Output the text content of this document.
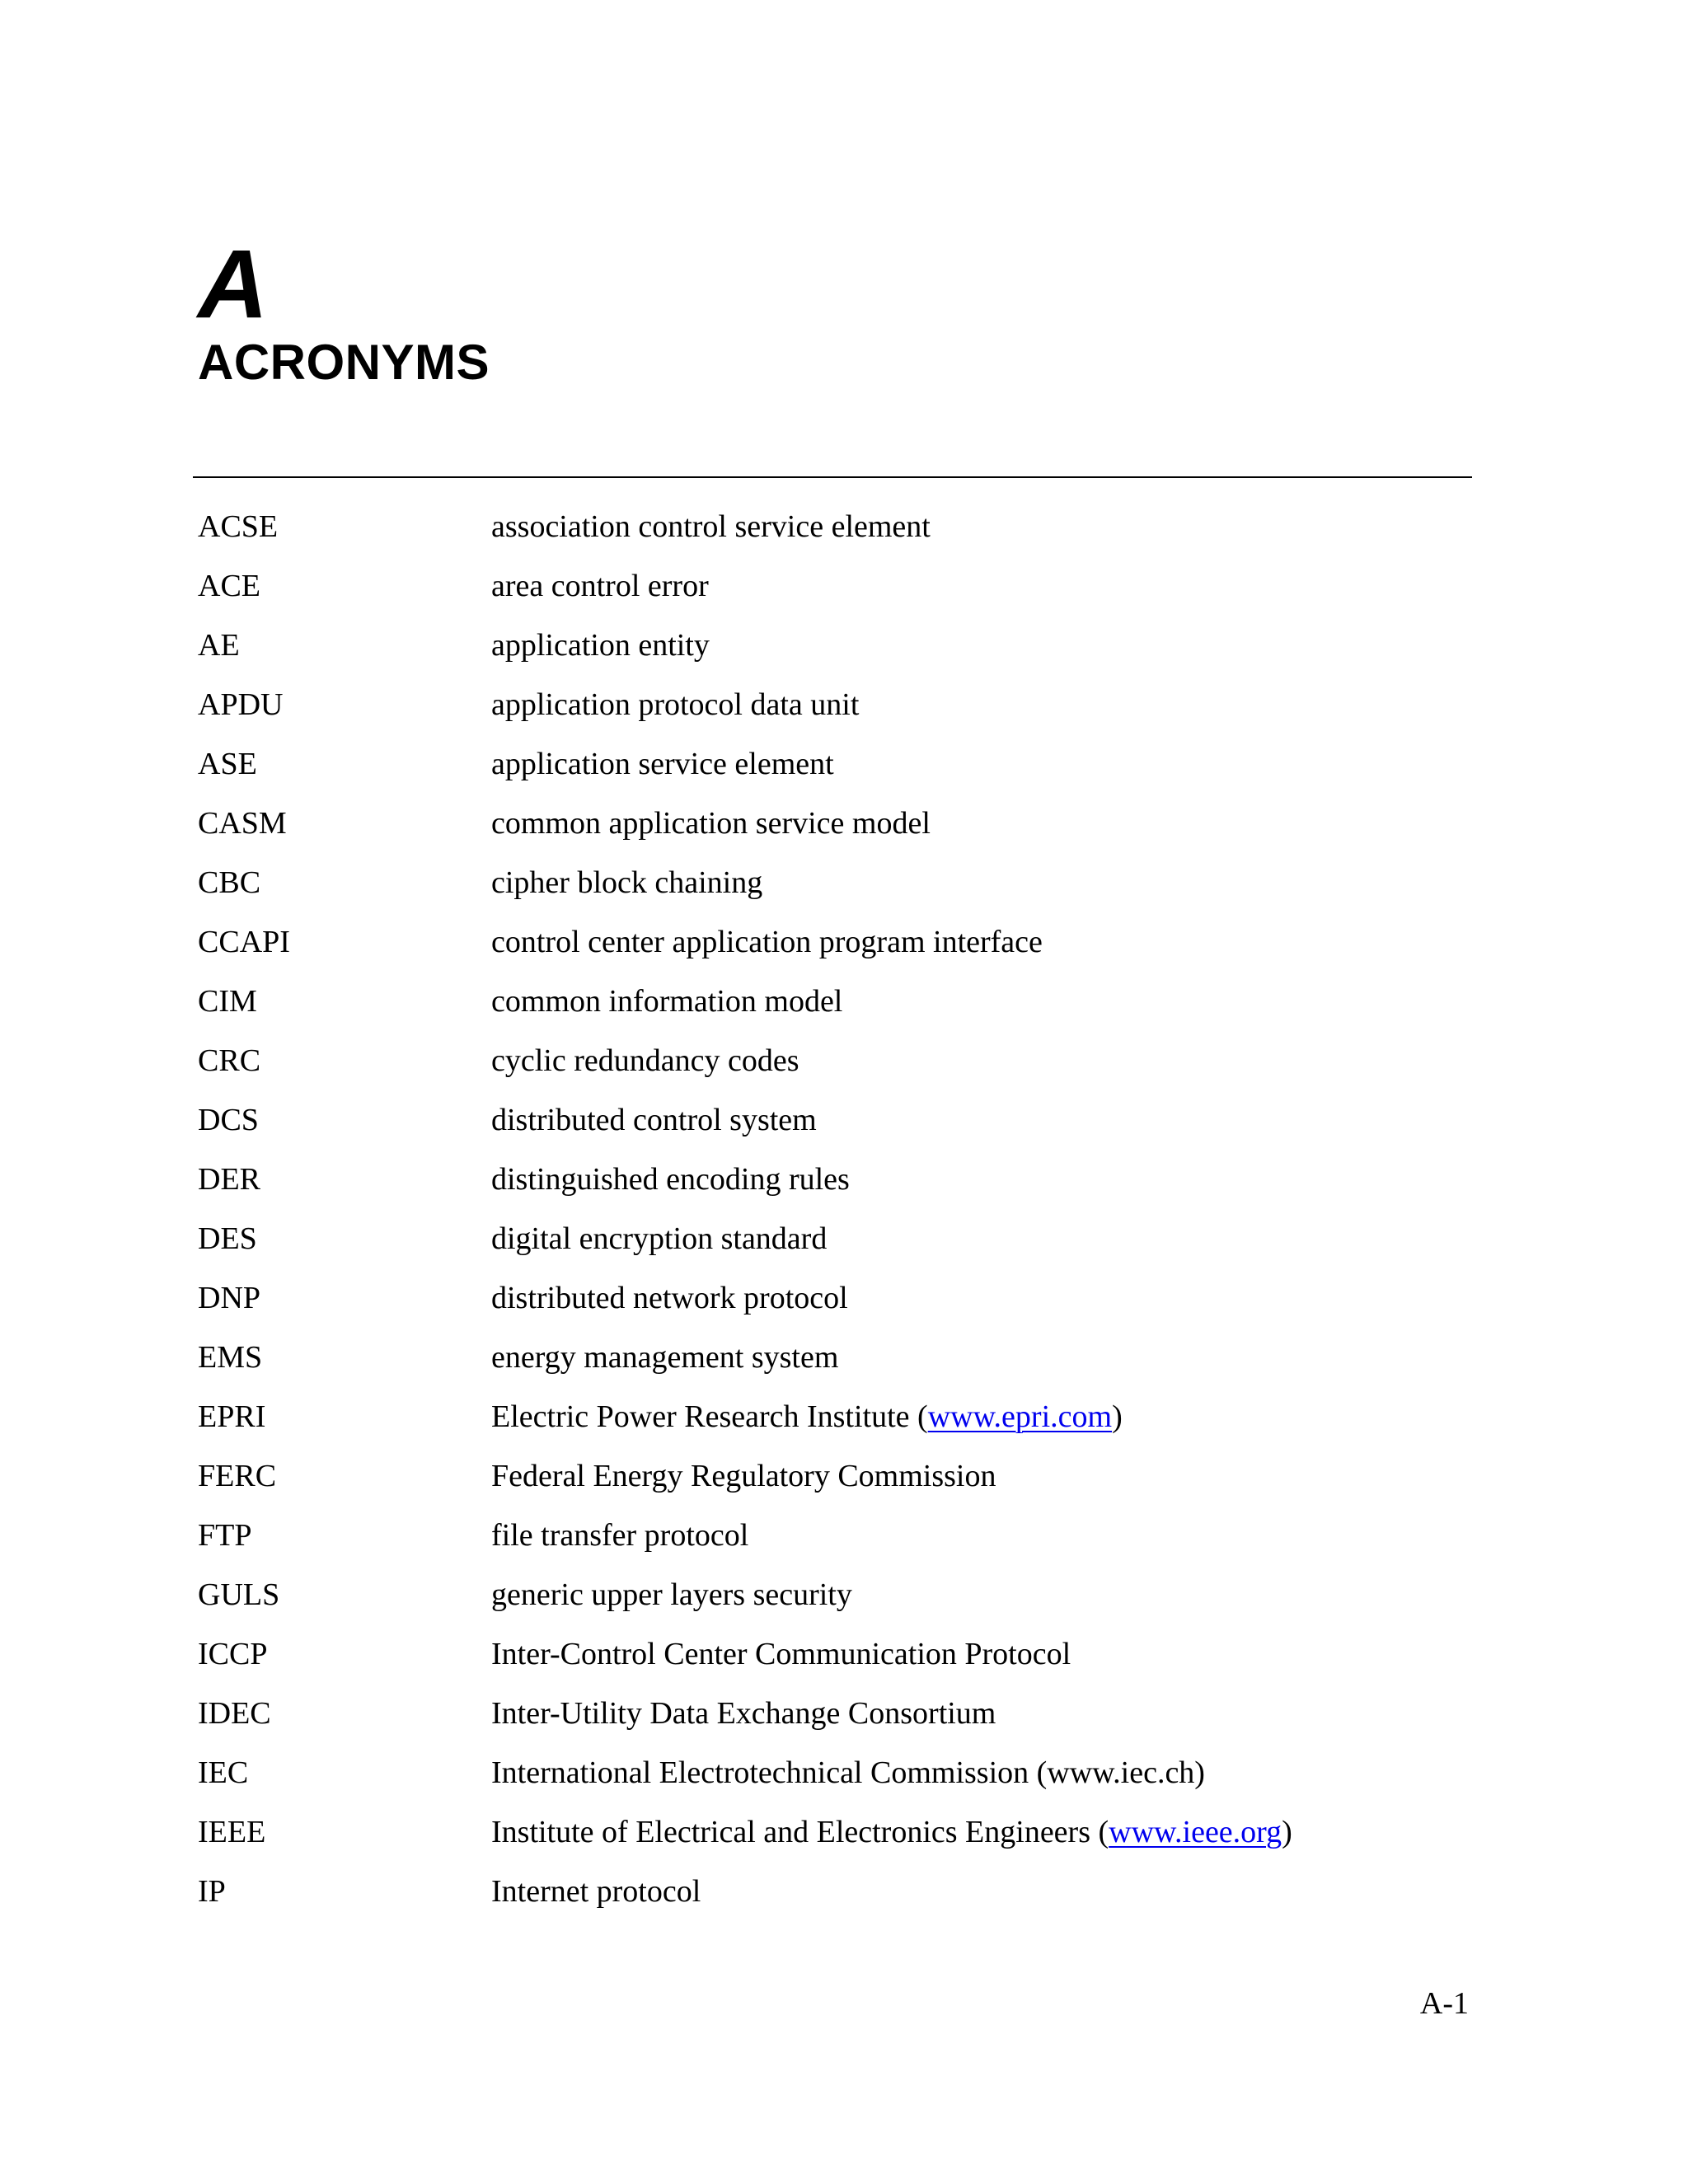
A
ACRONYMS
ACSE	association control service element
ACE	area control error
AE	application entity
APDU	application protocol data unit
ASE	application service element
CASM	common application service model
CBC	cipher block chaining
CCAPI	control center application program interface
CIM	common information model
CRC	cyclic redundancy codes
DCS	distributed control system
DER	distinguished encoding rules
DES	digital encryption standard
DNP	distributed network protocol
EMS	energy management system
EPRI	Electric Power Research Institute (www.epri.com)
FERC	Federal Energy Regulatory Commission
FTP	file transfer protocol
GULS	generic upper layers security
ICCP	Inter-Control Center Communication Protocol
IDEC	Inter-Utility Data Exchange Consortium
IEC	International Electrotechnical Commission (www.iec.ch)
IEEE	Institute of Electrical and Electronics Engineers (www.ieee.org)
IP	Internet protocol

A-1
